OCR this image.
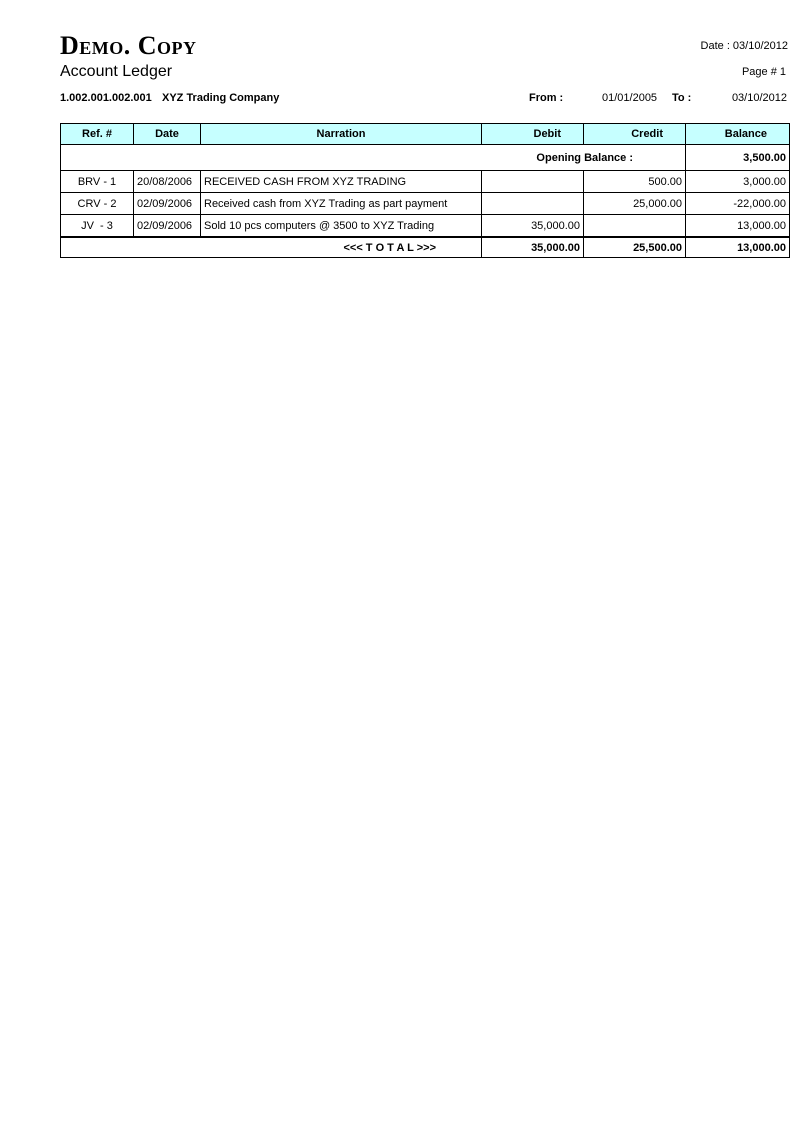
Demo. Copy
Account Ledger
Date : 03/10/2012
Page # 1
1.002.001.002.001 XYZ Trading Company	From :	01/01/2005 To :	03/10/2012
Ref. #	Date	Narration	Debit	Credit	Balance
Opening Balance :					3,500.00
BRV - 1	20/08/2006	RECEIVED CASH FROM XYZ TRADING		500.00	3,000.00
CRV - 2	02/09/2006	Received cash from XYZ Trading as part payment		25,000.00	-22,000.00
JV  - 3	02/09/2006	Sold 10 pcs computers @ 3500 to XYZ Trading	35,000.00		13,000.00
<<< T O T A L >>>			35,000.00	25,500.00	13,000.00
